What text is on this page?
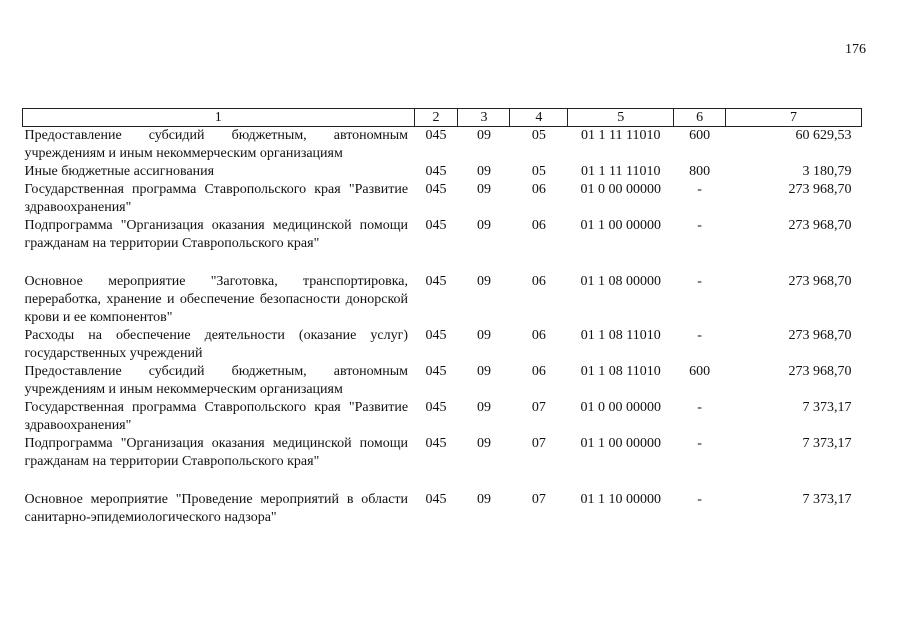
176
1	2	3	4	5	6	7
Предоставление субсидий бюджетным, автономным учреждениям и иным некоммерческим организациям	045	09	05	01 1 11 11010	600	60 629,53
Иные бюджетные ассигнования	045	09	05	01 1 11 11010	800	3 180,79
Государственная программа Ставропольского края "Развитие здравоохранения"	045	09	06	01 0 00 00000	-	273 968,70
Подпрограмма "Организация оказания медицинской помощи гражданам на территории Ставропольского края"	045	09	06	01 1 00 00000	-	273 968,70
Основное мероприятие "Заготовка, транспортировка, переработка, хранение и обеспечение безопасности донорской крови и ее компонентов"	045	09	06	01 1 08 00000	-	273 968,70
Расходы на обеспечение деятельности (оказание услуг) государственных учреждений	045	09	06	01 1 08 11010	-	273 968,70
Предоставление субсидий бюджетным, автономным учреждениям и иным некоммерческим организациям	045	09	06	01 1 08 11010	600	273 968,70
Государственная программа Ставропольского края "Развитие здравоохранения"	045	09	07	01 0 00 00000	-	7 373,17
Подпрограмма "Организация оказания медицинской помощи гражданам на территории Ставропольского края"	045	09	07	01 1 00 00000	-	7 373,17
Основное мероприятие "Проведение мероприятий в области санитарно-эпидемиологического надзора"	045	09	07	01 1 10 00000	-	7 373,17
